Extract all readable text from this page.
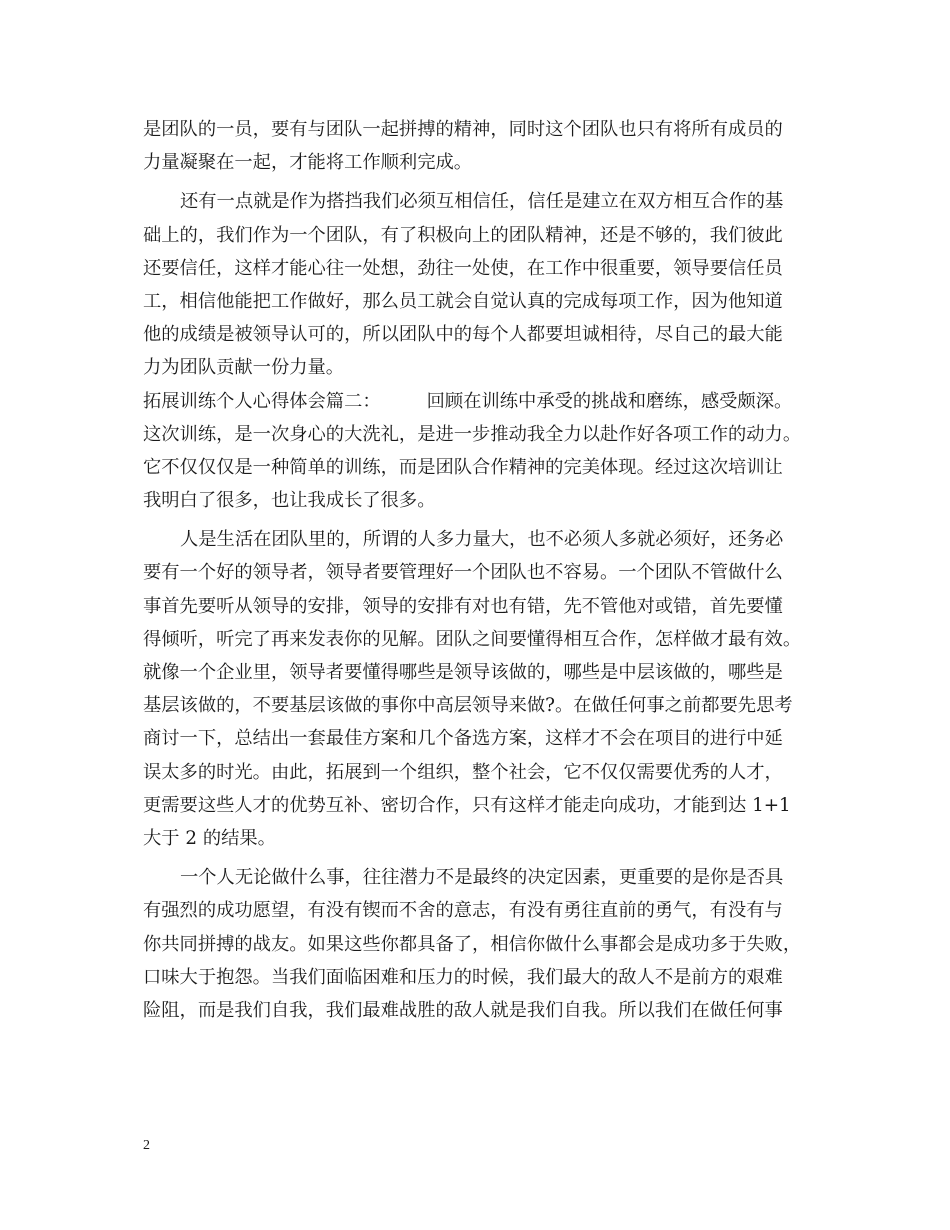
是团队的一员，要有与团队一起拼搏的精神，同时这个团队也只有将所有成员的
力量凝聚在一起，才能将工作顺利完成。
还有一点就是作为搭挡我们必须互相信任，信任是建立在双方相互合作的基
础上的，我们作为一个团队，有了积极向上的团队精神，还是不够的，我们彼此
还要信任，这样才能心往一处想，劲往一处使，在工作中很重要，领导要信任员
工，相信他能把工作做好，那么员工就会自觉认真的完成每项工作，因为他知道
他的成绩是被领导认可的，所以团队中的每个人都要坦诚相待，尽自己的最大能
力为团队贡献一份力量。
拓展训练个人心得体会篇二：	回顾在训练中承受的挑战和磨练，感受颇深。
这次训练，是一次身心的大洗礼，是进一步推动我全力以赴作好各项工作的动力。
它不仅仅仅是一种简单的训练，而是团队合作精神的完美体现。经过这次培训让
我明白了很多，也让我成长了很多。
人是生活在团队里的，所谓的人多力量大，也不必须人多就必须好，还务必
要有一个好的领导者，领导者要管理好一个团队也不容易。一个团队不管做什么
事首先要听从领导的安排，领导的安排有对也有错，先不管他对或错，首先要懂
得倾听，听完了再来发表你的见解。团队之间要懂得相互合作，怎样做才最有效。
就像一个企业里，领导者要懂得哪些是领导该做的，哪些是中层该做的，哪些是
基层该做的，不要基层该做的事你中高层领导来做?。在做任何事之前都要先思考
商讨一下，总结出一套最佳方案和几个备选方案，这样才不会在项目的进行中延
误太多的时光。由此，拓展到一个组织，整个社会，它不仅仅需要优秀的人才，
更需要这些人才的优势互补、密切合作，只有这样才能走向成功，才能到达 1+1
大于 2 的结果。
一个人无论做什么事，往往潜力不是最终的决定因素，更重要的是你是否具
有强烈的成功愿望，有没有锲而不舍的意志，有没有勇往直前的勇气，有没有与
你共同拼搏的战友。如果这些你都具备了，相信你做什么事都会是成功多于失败，
口味大于抱怨。当我们面临困难和压力的时候，我们最大的敌人不是前方的艰难
险阻，而是我们自我，我们最难战胜的敌人就是我们自我。所以我们在做任何事
2
